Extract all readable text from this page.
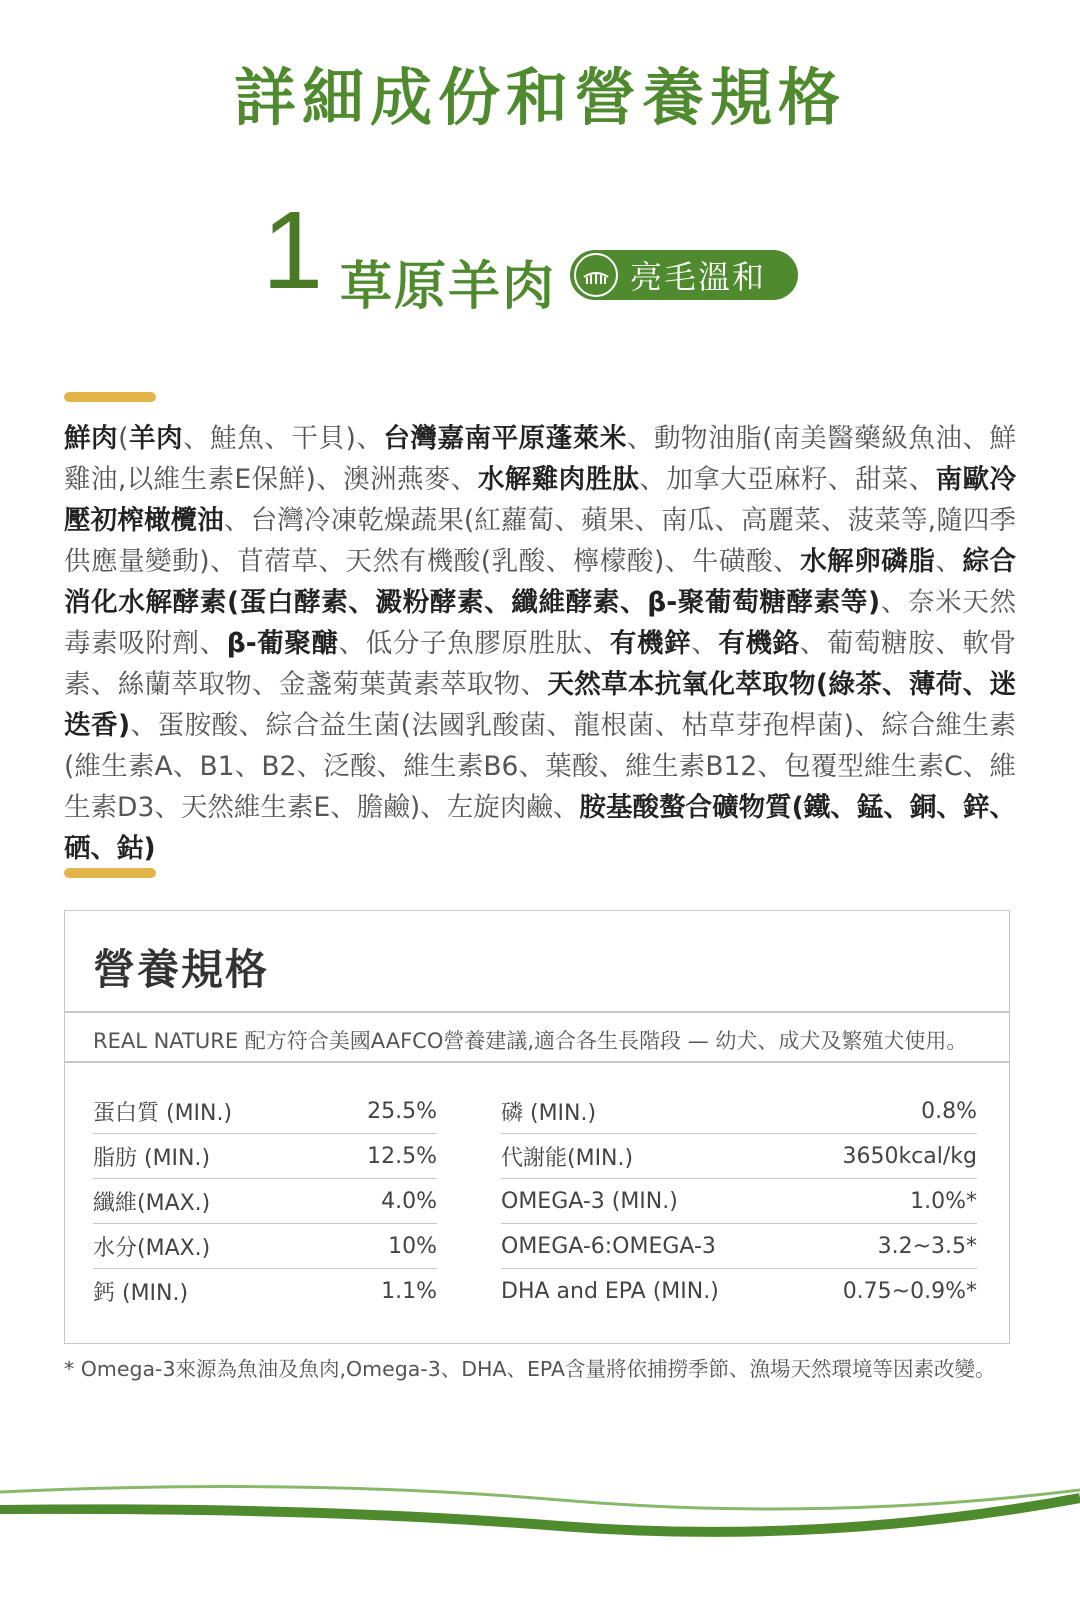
詳細成份和營養規格
1 草原羊肉 亮毛溫和
鮮肉(羊肉、鮭魚、干貝)、台灣嘉南平原蓬萊米、動物油脂(南美醫藥級魚油、鮮雞油,以維生素E保鮮)、澳洲燕麥、水解雞肉胜肽、加拿大亞麻籽、甜菜、南歐冷壓初榨橄欖油、台灣冷凍乾燥蔬果(紅蘿蔔、蘋果、南瓜、高麗菜、菠菜等,隨四季供應量變動)、苜蓿草、天然有機酸(乳酸、檸檬酸)、牛磺酸、水解卵磷脂、綜合消化水解酵素(蛋白酵素、澱粉酵素、纖維酵素、β-聚葡萄糖酵素等)、奈米天然毒素吸附劑、β-葡聚醣、低分子魚膠原胜肽、有機鋅、有機鉻、葡萄糖胺、軟骨素、絲蘭萃取物、金盞菊葉黃素萃取物、天然草本抗氧化萃取物(綠茶、薄荷、迷迭香)、蛋胺酸、綜合益生菌(法國乳酸菌、龍根菌、枯草芽孢桿菌)、綜合維生素(維生素A、B1、B2、泛酸、維生素B6、葉酸、維生素B12、包覆型維生素C、維生素D3、天然維生素E、膽鹼)、左旋肉鹼、胺基酸螯合礦物質(鐵、錳、銅、鋅、硒、鈷)
營養規格
REAL NATURE 配方符合美國AAFCO營養建議,適合各生長階段 — 幼犬、成犬及繁殖犬使用。
蛋白質 (MIN.)	25.5%
脂肪 (MIN.)	12.5%
纖維(MAX.)	4.0%
水分(MAX.)	10%
鈣 (MIN.)	1.1%
磷 (MIN.)	0.8%
代謝能(MIN.)	3650kcal/kg
OMEGA-3 (MIN.)	1.0%*
OMEGA-6:OMEGA-3	3.2~3.5*
DHA and EPA (MIN.)	0.75~0.9%*
* Omega-3來源為魚油及魚肉,Omega-3、DHA、EPA含量將依捕撈季節、漁場天然環境等因素改變。
